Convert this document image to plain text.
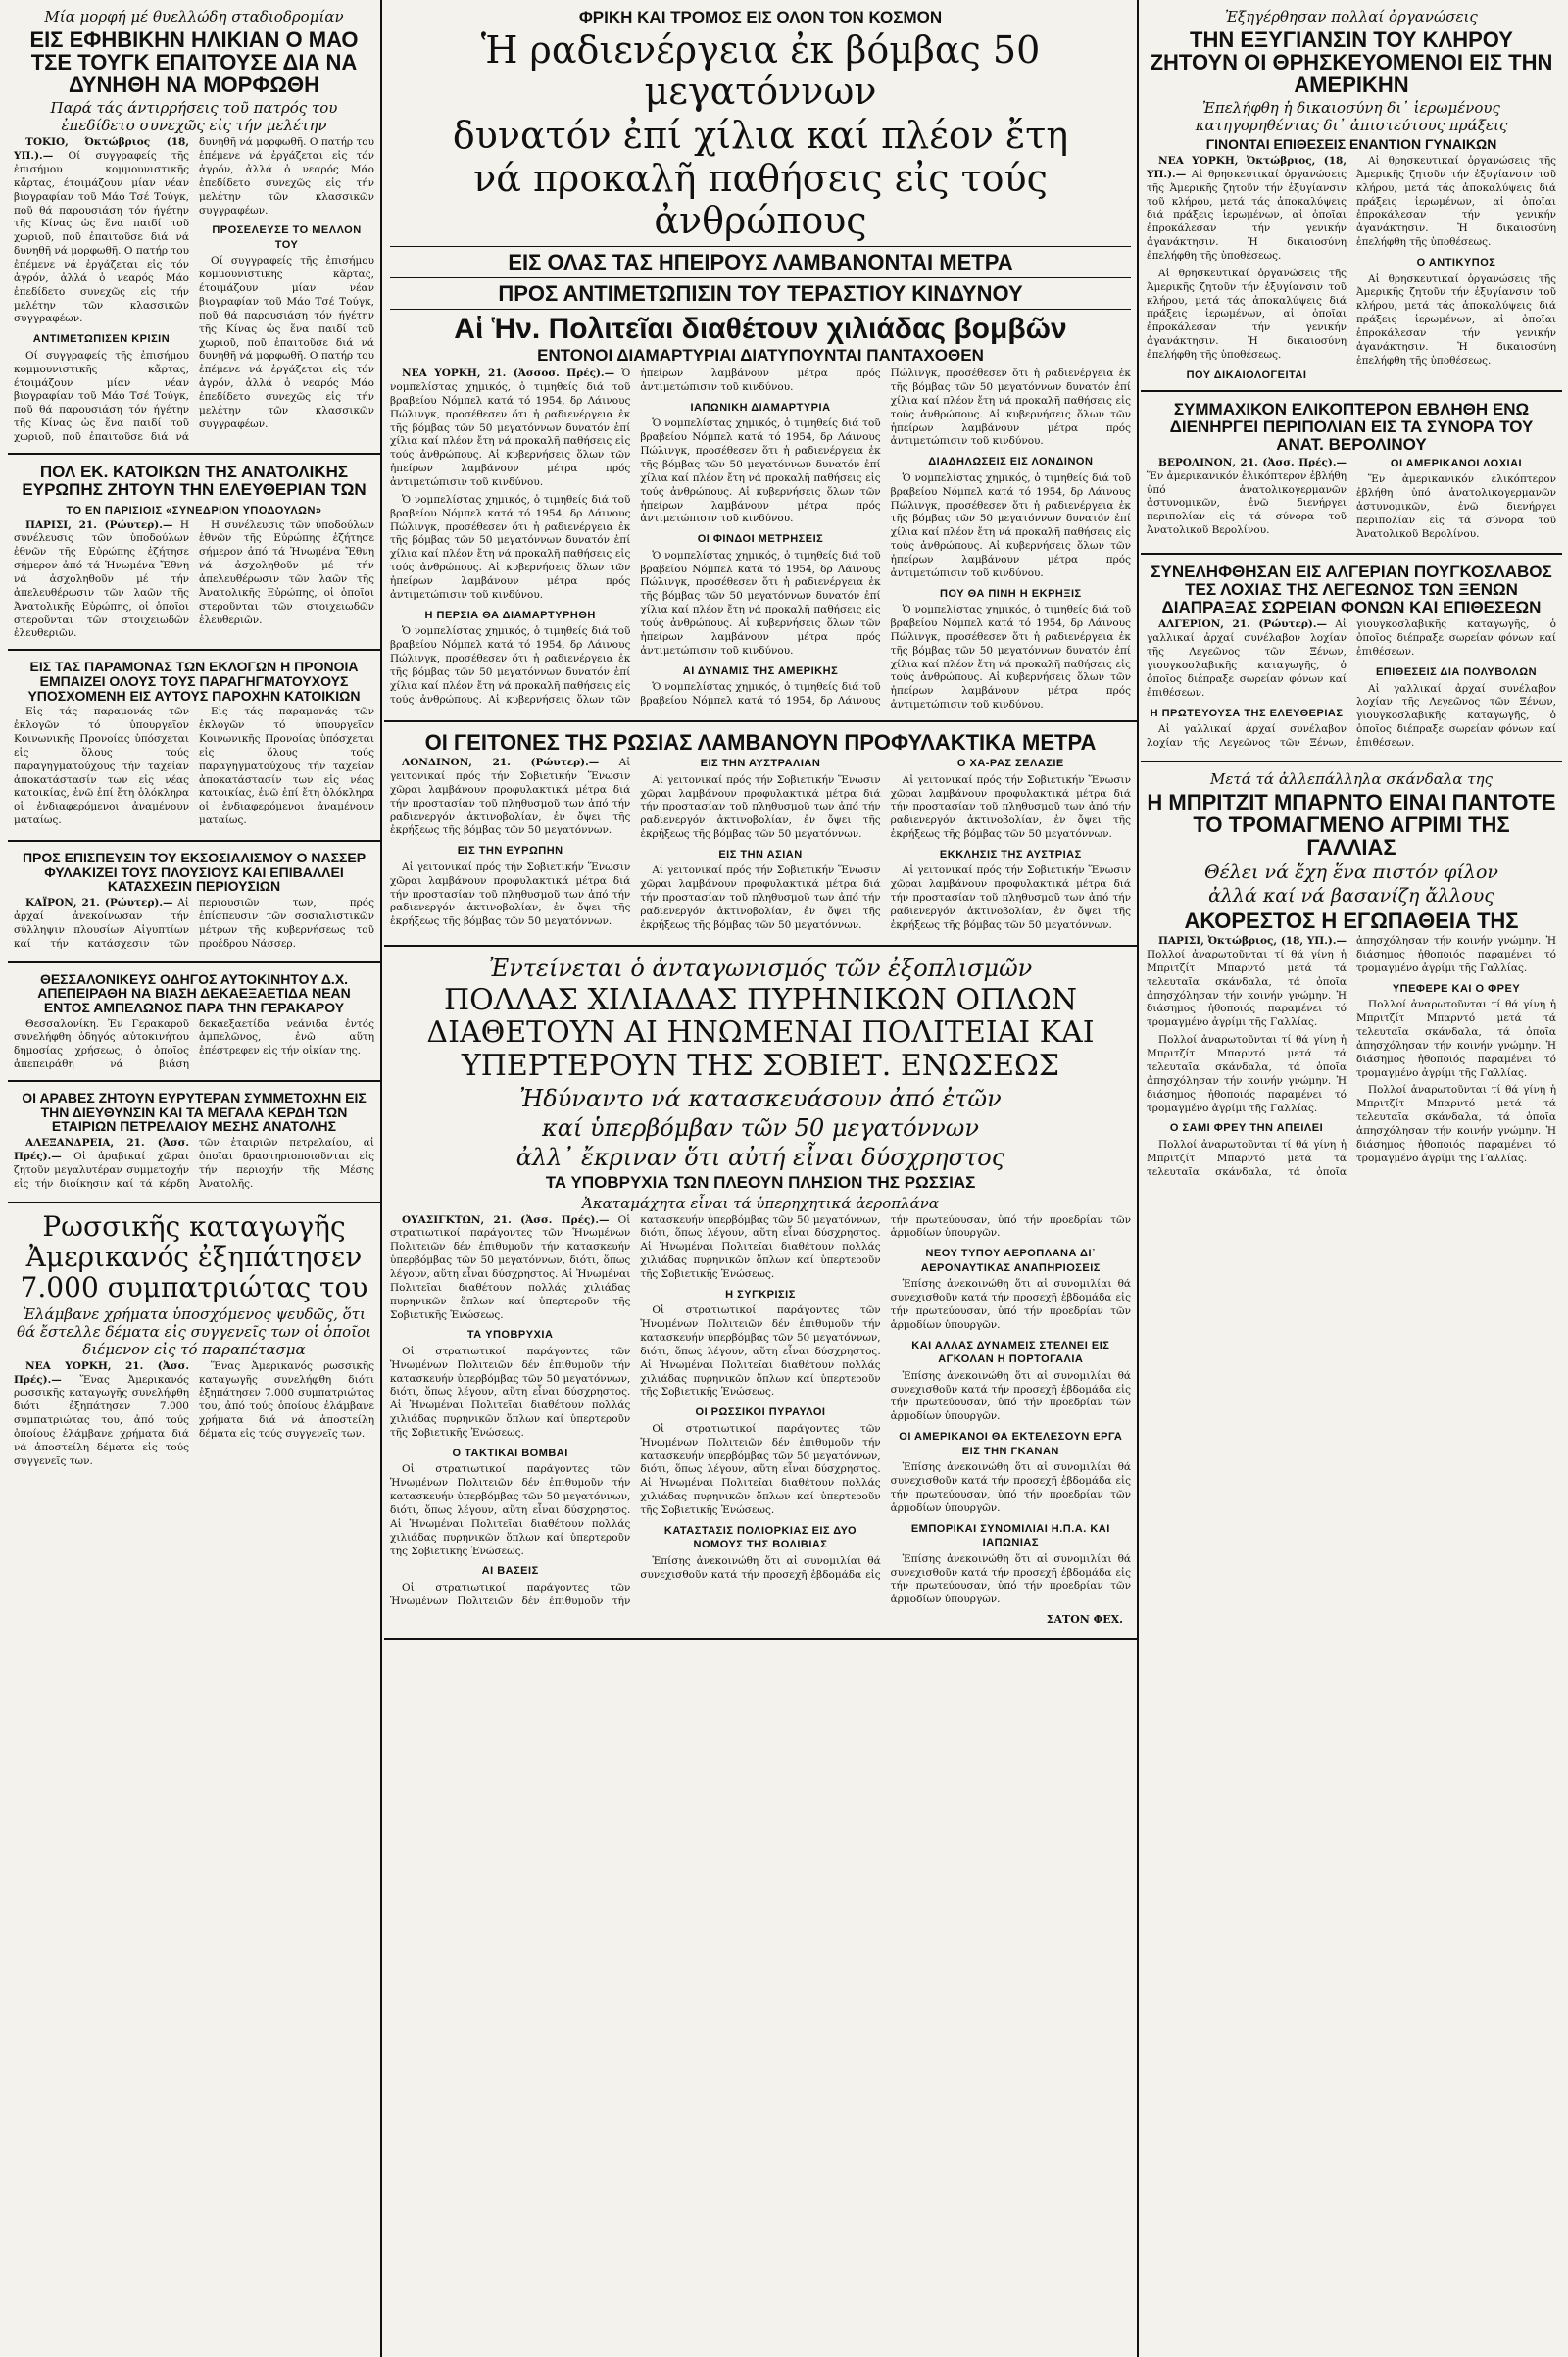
Μία μορφή μέ θυελλώδη σταδιοδρομίαν
ΕΙΣ ΕΦΗΒΙΚΗΝ ΗΛΙΚΙΑΝ Ο ΜΑΟ ΤΣΕ ΤΟΥΓΚ ΕΠΑΙΤΟΥΣΕ ΔΙΑ ΝΑ ΔΥΝΗΘΗ ΝΑ ΜΟΡΦΩΘΗ
Παρά τάς άντιρρήσεις τοῦ πατρός του ἐπεδίδετο συνεχῶς εἰς τήν μελέτην

ΤΟΚΙΟ, Όκτώβριος (18, ΥΠ.).— Οί συγγραφείς τῆς ἐπισήμου κομμουνιστικῆς κἄρτας, έτοιμάζουν μίαν νέαν βιογραφίαν τοῦ Μάο Τσέ Τούγκ, ποῦ θά παρουσιάση τόν ήγέτην τῆς Κίνας ὡς ἕνα παιδί τοῦ χωριοῦ, ποῦ ἐπαιτοῦσε διά νά δυνηθῆ νά μορφωθῆ. Ο πατήρ του ἐπέμενε νά ἐργάζεται εἰς τόν ἀγρόν, ἀλλά ὁ νεαρός Μάο ἐπεδίδετο συνεχῶς εἰς τήν μελέτην τῶν κλασσικῶν συγγραφέων.

ΑΝΤΙΜΕΤΩΠΙΣΕΝ ΚΡΙΣΙΝ

Οί συγγραφείς τῆς ἐπισήμου κομμουνιστικῆς κἄρτας, έτοιμάζουν μίαν νέαν βιογραφίαν τοῦ Μάο Τσέ Τούγκ, ποῦ θά παρουσιάση τόν ήγέτην τῆς Κίνας ὡς ἕνα παιδί τοῦ χωριοῦ, ποῦ ἐπαιτοῦσε διά νά δυνηθῆ νά μορφωθῆ. Ο πατήρ του ἐπέμενε νά ἐργάζεται εἰς τόν ἀγρόν, ἀλλά ὁ νεαρός Μάο ἐπεδίδετο συνεχῶς εἰς τήν μελέτην τῶν κλασσικῶν συγγραφέων.

ΠΡΟΣΕΛΕΥΣΕ ΤΟ ΜΕΛΛΟΝ ΤΟΥ

Οί συγγραφείς τῆς ἐπισήμου κομμουνιστικῆς κἄρτας, έτοιμάζουν μίαν νέαν βιογραφίαν τοῦ Μάο Τσέ Τούγκ, ποῦ θά παρουσιάση τόν ήγέτην τῆς Κίνας ὡς ἕνα παιδί τοῦ χωριοῦ, ποῦ ἐπαιτοῦσε διά νά δυνηθῆ νά μορφωθῆ. Ο πατήρ του ἐπέμενε νά ἐργάζεται εἰς τόν ἀγρόν, ἀλλά ὁ νεαρός Μάο ἐπεδίδετο συνεχῶς εἰς τήν μελέτην τῶν κλασσικῶν συγγραφέων.

ΠΟΛ ΕΚ. ΚΑΤΟΙΚΩΝ ΤΗΣ ΑΝΑΤΟΛΙΚΗΣ ΕΥΡΩΠΗΣ ΖΗΤΟΥΝ ΤΗΝ ΕΛΕΥΘΕΡΙΑΝ ΤΩΝ
ΤΟ ΕΝ ΠΑΡΙΣΙΟΙΣ «ΣΥΝΕΔΡΙΟΝ ΥΠΟΔΟΥΛΩΝ»

ΠΑΡΙΣΙ, 21. (Ρώυτερ).— Η συνέλευσις τῶν ὑποδούλων ἐθνῶν τῆς Εὐρώπης ἐζήτησε σήμερον ἀπό τά Ἡνωμένα Ἔθνη νά ἀσχοληθοῦν μέ τήν ἀπελευθέρωσιν τῶν λαῶν τῆς Ἀνατολικῆς Εὐρώπης, οἱ ὁποῖοι στεροῦνται τῶν στοιχειωδῶν ἐλευθεριῶν.

Η συνέλευσις τῶν ὑποδούλων ἐθνῶν τῆς Εὐρώπης ἐζήτησε σήμερον ἀπό τά Ἡνωμένα Ἔθνη νά ἀσχοληθοῦν μέ τήν ἀπελευθέρωσιν τῶν λαῶν τῆς Ἀνατολικῆς Εὐρώπης, οἱ ὁποῖοι στεροῦνται τῶν στοιχειωδῶν ἐλευθεριῶν.

ΕΙΣ ΤΑΣ ΠΑΡΑΜΟΝΑΣ ΤΩΝ ΕΚΛΟΓΩΝ Η ΠΡΟΝΟΙΑ ΕΜΠΑΙΖΕΙ ΟΛΟΥΣ ΤΟΥΣ ΠΑΡΑΓΗΓΜΑΤΟΥΧΟΥΣ ΥΠΟΣΧΟΜΕΝΗ ΕΙΣ ΑΥΤΟΥΣ ΠΑΡΟΧΗΝ ΚΑΤΟΙΚΙΩΝ

Εἰς τάς παραμονάς τῶν ἐκλογῶν τό ὑπουργεῖον Κοινωνικῆς Προνοίας ὑπόσχεται εἰς ὅλους τούς παραγηγματούχους τήν ταχείαν ἀποκατάστασίν των εἰς νέας κατοικίας, ἐνῶ ἐπί ἔτη ὁλόκληρα οἱ ἐνδιαφερόμενοι ἀναμένουν ματαίως.

Εἰς τάς παραμονάς τῶν ἐκλογῶν τό ὑπουργεῖον Κοινωνικῆς Προνοίας ὑπόσχεται εἰς ὅλους τούς παραγηγματούχους τήν ταχείαν ἀποκατάστασίν των εἰς νέας κατοικίας, ἐνῶ ἐπί ἔτη ὁλόκληρα οἱ ἐνδιαφερόμενοι ἀναμένουν ματαίως.

ΠΡΟΣ ΕΠΙΣΠΕΥΣΙΝ ΤΟΥ ΕΚΣΟΣΙΑΛΙΣΜΟΥ Ο ΝΑΣΣΕΡ ΦΥΛΑΚΙΖΕΙ ΤΟΥΣ ΠΛΟΥΣΙΟΥΣ ΚΑΙ ΕΠΙΒΑΛΛΕΙ ΚΑΤΑΣΧΕΣΙΝ ΠΕΡΙΟΥΣΙΩΝ

ΚΑΪΡΟΝ, 21. (Ρώυτερ).— Αἱ ἀρχαί ἀνεκοίνωσαν τήν σύλληψιν πλουσίων Αἰγυπτίων καί τήν κατάσχεσιν τῶν περιουσιῶν των, πρός ἐπίσπευσιν τῶν σοσιαλιστικῶν μέτρων τῆς κυβερνήσεως τοῦ προέδρου Νάσσερ.

ΘΕΣΣΑΛΟΝΙΚΕΥΣ ΟΔΗΓΟΣ ΑΥΤΟΚΙΝΗΤΟΥ Δ.Χ. ΑΠΕΠΕΙΡΑΘΗ ΝΑ ΒΙΑΣΗ ΔΕΚΑΕΞΑΕΤΙΔΑ ΝΕΑΝ ΕΝΤΟΣ ΑΜΠΕΛΩΝΟΣ ΠΑΡΑ ΤΗΝ ΓΕΡΑΚΑΡΟΥ

Θεσσαλονίκη. Ἐν Γερακαροῦ συνελήφθη ὁδηγός αὐτοκινήτου δημοσίας χρήσεως, ὁ ὁποῖος ἀπεπειράθη νά βιάση δεκαεξαετίδα νεάνιδα ἐντός ἀμπελῶνος, ἐνῶ αὕτη ἐπέστρεφεν εἰς τήν οἰκίαν της.

ΟΙ ΑΡΑΒΕΣ ΖΗΤΟΥΝ ΕΥΡΥΤΕΡΑΝ ΣΥΜΜΕΤΟΧΗΝ ΕΙΣ ΤΗΝ ΔΙΕΥΘΥΝΣΙΝ ΚΑΙ ΤΑ ΜΕΓΑΛΑ ΚΕΡΔΗ ΤΩΝ ΕΤΑΙΡΙΩΝ ΠΕΤΡΕΛΑΙΟΥ ΜΕΣΗΣ ΑΝΑΤΟΛΗΣ

ΑΛΕΞΑΝΔΡΕΙΑ, 21. (Ἀσσ. Πρές).— Οἱ ἀραβικαί χῶραι ζητοῦν μεγαλυτέραν συμμετοχήν εἰς τήν διοίκησιν καί τά κέρδη τῶν ἐταιριῶν πετρελαίου, αἱ ὁποῖαι δραστηριοποιοῦνται εἰς τήν περιοχήν τῆς Μέσης Ἀνατολῆς.

Ρωσσικῆς καταγωγῆς Ἀμερικανός ἐξηπάτησεν 7.000 συμπατριώτας του
Ἐλάμβανε χρήματα ὑποσχόμενος ψευδῶς, ὅτι θά ἔστελλε δέματα εἰς συγγενεῖς των οἱ ὁποῖοι διέμενον εἰς τό παραπέτασμα

ΝΕΑ ΥΟΡΚΗ, 21. (Ἀσσ. Πρές).— Ἕνας Ἀμερικανός ρωσσικῆς καταγωγῆς συνελήφθη διότι ἐξηπάτησεν 7.000 συμπατριώτας του, ἀπό τούς ὁποίους ἐλάμβανε χρήματα διά νά ἀποστείλη δέματα εἰς τούς συγγενεῖς των.

Ἕνας Ἀμερικανός ρωσσικῆς καταγωγῆς συνελήφθη διότι ἐξηπάτησεν 7.000 συμπατριώτας του, ἀπό τούς ὁποίους ἐλάμβανε χρήματα διά νά ἀποστείλη δέματα εἰς τούς συγγενεῖς των.

ΦΡΙΚΗ ΚΑΙ ΤΡΟΜΟΣ ΕΙΣ ΟΛΟΝ ΤΟΝ ΚΟΣΜΟΝ
Ἡ ραδιενέργεια ἐκ βόμβας 50 μεγατόννων
δυνατόν ἐπί χίλια καί πλέον ἔτη
νά προκαλῆ παθήσεις εἰς τούς ἀνθρώπους
ΕΙΣ ΟΛΑΣ ΤΑΣ ΗΠΕΙΡΟΥΣ ΛΑΜΒΑΝΟΝΤΑΙ ΜΕΤΡΑ
ΠΡΟΣ ΑΝΤΙΜΕΤΩΠΙΣΙΝ ΤΟΥ ΤΕΡΑΣΤΙΟΥ ΚΙΝΔΥΝΟΥ
Αἱ Ἡν. Πολιτεῖαι διαθέτουν χιλιάδας βομβῶν
ΕΝΤΟΝΟΙ ΔΙΑΜΑΡΤΥΡΙΑΙ ΔΙΑΤΥΠΟΥΝΤΑΙ ΠΑΝΤΑΧΟΘΕΝ

ΝΕΑ ΥΟΡΚΗ, 21. (Ἀσσοσ. Πρές).— Ὁ νομπελίστας χημικός, ὁ τιμηθείς διά τοῦ βραβείου Νόμπελ κατά τό 1954, δρ Λάινους Πώλινγκ, προσέθεσεν ὅτι ἡ ραδιενέργεια ἐκ τῆς βόμβας τῶν 50 μεγατόννων δυνατόν ἐπί χίλια καί πλέον ἔτη νά προκαλῆ παθήσεις εἰς τούς ἀνθρώπους. Αἱ κυβερνήσεις ὅλων τῶν ἠπείρων λαμβάνουν μέτρα πρός ἀντιμετώπισιν τοῦ κινδύνου.

Ὁ νομπελίστας χημικός, ὁ τιμηθείς διά τοῦ βραβείου Νόμπελ κατά τό 1954, δρ Λάινους Πώλινγκ, προσέθεσεν ὅτι ἡ ραδιενέργεια ἐκ τῆς βόμβας τῶν 50 μεγατόννων δυνατόν ἐπί χίλια καί πλέον ἔτη νά προκαλῆ παθήσεις εἰς τούς ἀνθρώπους. Αἱ κυβερνήσεις ὅλων τῶν ἠπείρων λαμβάνουν μέτρα πρός ἀντιμετώπισιν τοῦ κινδύνου.

Η ΠΕΡΣΙΑ ΘΑ ΔΙΑΜΑΡΤΥΡΗΘΗ

Ὁ νομπελίστας χημικός, ὁ τιμηθείς διά τοῦ βραβείου Νόμπελ κατά τό 1954, δρ Λάινους Πώλινγκ, προσέθεσεν ὅτι ἡ ραδιενέργεια ἐκ τῆς βόμβας τῶν 50 μεγατόννων δυνατόν ἐπί χίλια καί πλέον ἔτη νά προκαλῆ παθήσεις εἰς τούς ἀνθρώπους. Αἱ κυβερνήσεις ὅλων τῶν ἠπείρων λαμβάνουν μέτρα πρός ἀντιμετώπισιν τοῦ κινδύνου.

ΙΑΠΩΝΙΚΗ ΔΙΑΜΑΡΤΥΡΙΑ

Ὁ νομπελίστας χημικός, ὁ τιμηθείς διά τοῦ βραβείου Νόμπελ κατά τό 1954, δρ Λάινους Πώλινγκ, προσέθεσεν ὅτι ἡ ραδιενέργεια ἐκ τῆς βόμβας τῶν 50 μεγατόννων δυνατόν ἐπί χίλια καί πλέον ἔτη νά προκαλῆ παθήσεις εἰς τούς ἀνθρώπους. Αἱ κυβερνήσεις ὅλων τῶν ἠπείρων λαμβάνουν μέτρα πρός ἀντιμετώπισιν τοῦ κινδύνου.

ΟΙ ΦΙΝΔΟΙ ΜΕΤΡΗΣΕΙΣ

Ὁ νομπελίστας χημικός, ὁ τιμηθείς διά τοῦ βραβείου Νόμπελ κατά τό 1954, δρ Λάινους Πώλινγκ, προσέθεσεν ὅτι ἡ ραδιενέργεια ἐκ τῆς βόμβας τῶν 50 μεγατόννων δυνατόν ἐπί χίλια καί πλέον ἔτη νά προκαλῆ παθήσεις εἰς τούς ἀνθρώπους. Αἱ κυβερνήσεις ὅλων τῶν ἠπείρων λαμβάνουν μέτρα πρός ἀντιμετώπισιν τοῦ κινδύνου.

ΑΙ ΔΥΝΑΜΙΣ ΤΗΣ ΑΜΕΡΙΚΗΣ

Ὁ νομπελίστας χημικός, ὁ τιμηθείς διά τοῦ βραβείου Νόμπελ κατά τό 1954, δρ Λάινους Πώλινγκ, προσέθεσεν ὅτι ἡ ραδιενέργεια ἐκ τῆς βόμβας τῶν 50 μεγατόννων δυνατόν ἐπί χίλια καί πλέον ἔτη νά προκαλῆ παθήσεις εἰς τούς ἀνθρώπους. Αἱ κυβερνήσεις ὅλων τῶν ἠπείρων λαμβάνουν μέτρα πρός ἀντιμετώπισιν τοῦ κινδύνου.

ΔΙΑΔΗΛΩΣΕΙΣ ΕΙΣ ΛΟΝΔΙΝΟΝ

Ὁ νομπελίστας χημικός, ὁ τιμηθείς διά τοῦ βραβείου Νόμπελ κατά τό 1954, δρ Λάινους Πώλινγκ, προσέθεσεν ὅτι ἡ ραδιενέργεια ἐκ τῆς βόμβας τῶν 50 μεγατόννων δυνατόν ἐπί χίλια καί πλέον ἔτη νά προκαλῆ παθήσεις εἰς τούς ἀνθρώπους. Αἱ κυβερνήσεις ὅλων τῶν ἠπείρων λαμβάνουν μέτρα πρός ἀντιμετώπισιν τοῦ κινδύνου.

ΠΟΥ ΘΑ ΠΙΝΗ Η ΕΚΡΗΞΙΣ

Ὁ νομπελίστας χημικός, ὁ τιμηθείς διά τοῦ βραβείου Νόμπελ κατά τό 1954, δρ Λάινους Πώλινγκ, προσέθεσεν ὅτι ἡ ραδιενέργεια ἐκ τῆς βόμβας τῶν 50 μεγατόννων δυνατόν ἐπί χίλια καί πλέον ἔτη νά προκαλῆ παθήσεις εἰς τούς ἀνθρώπους. Αἱ κυβερνήσεις ὅλων τῶν ἠπείρων λαμβάνουν μέτρα πρός ἀντιμετώπισιν τοῦ κινδύνου.

ΟΙ ΓΕΙΤΟΝΕΣ ΤΗΣ ΡΩΣΙΑΣ ΛΑΜΒΑΝΟΥΝ ΠΡΟΦΥΛΑΚΤΙΚΑ ΜΕΤΡΑ

ΛΟΝΔΙΝΟΝ, 21. (Ρώυτερ).— Αἱ γειτονικαί πρός τήν Σοβιετικήν Ἕνωσιν χῶραι λαμβάνουν προφυλακτικά μέτρα διά τήν προστασίαν τοῦ πληθυσμοῦ των ἀπό τήν ραδιενεργόν ἀκτινοβολίαν, ἐν ὄψει τῆς ἐκρήξεως τῆς βόμβας τῶν 50 μεγατόννων.

ΕΙΣ ΤΗΝ ΕΥΡΩΠΗΝ

Αἱ γειτονικαί πρός τήν Σοβιετικήν Ἕνωσιν χῶραι λαμβάνουν προφυλακτικά μέτρα διά τήν προστασίαν τοῦ πληθυσμοῦ των ἀπό τήν ραδιενεργόν ἀκτινοβολίαν, ἐν ὄψει τῆς ἐκρήξεως τῆς βόμβας τῶν 50 μεγατόννων.

ΕΙΣ ΤΗΝ ΑΥΣΤΡΑΛΙΑΝ

Αἱ γειτονικαί πρός τήν Σοβιετικήν Ἕνωσιν χῶραι λαμβάνουν προφυλακτικά μέτρα διά τήν προστασίαν τοῦ πληθυσμοῦ των ἀπό τήν ραδιενεργόν ἀκτινοβολίαν, ἐν ὄψει τῆς ἐκρήξεως τῆς βόμβας τῶν 50 μεγατόννων.

ΕΙΣ ΤΗΝ ΑΣΙΑΝ

Αἱ γειτονικαί πρός τήν Σοβιετικήν Ἕνωσιν χῶραι λαμβάνουν προφυλακτικά μέτρα διά τήν προστασίαν τοῦ πληθυσμοῦ των ἀπό τήν ραδιενεργόν ἀκτινοβολίαν, ἐν ὄψει τῆς ἐκρήξεως τῆς βόμβας τῶν 50 μεγατόννων.

Ο ΧΑ-ΡΑΣ ΣΕΛΑΣΙΕ

Αἱ γειτονικαί πρός τήν Σοβιετικήν Ἕνωσιν χῶραι λαμβάνουν προφυλακτικά μέτρα διά τήν προστασίαν τοῦ πληθυσμοῦ των ἀπό τήν ραδιενεργόν ἀκτινοβολίαν, ἐν ὄψει τῆς ἐκρήξεως τῆς βόμβας τῶν 50 μεγατόννων.

ΕΚΚΛΗΣΙΣ ΤΗΣ ΑΥΣΤΡΙΑΣ

Αἱ γειτονικαί πρός τήν Σοβιετικήν Ἕνωσιν χῶραι λαμβάνουν προφυλακτικά μέτρα διά τήν προστασίαν τοῦ πληθυσμοῦ των ἀπό τήν ραδιενεργόν ἀκτινοβολίαν, ἐν ὄψει τῆς ἐκρήξεως τῆς βόμβας τῶν 50 μεγατόννων.

Ἐντείνεται ὁ ἀνταγωνισμός τῶν ἐξοπλισμῶν
ΠΟΛΛΑΣ ΧΙΛΙΑΔΑΣ ΠΥΡΗΝΙΚΩΝ ΟΠΛΩΝ ΔΙΑΘΕΤΟΥΝ ΑΙ ΗΝΩΜΕΝΑΙ ΠΟΛΙΤΕΙΑΙ ΚΑΙ ΥΠΕΡΤΕΡΟΥΝ ΤΗΣ ΣΟΒΙΕΤ. ΕΝΩΣΕΩΣ
Ἠδύναντο νά κατασκευάσουν ἀπό ἐτῶν
καί ὑπερβόμβαν τῶν 50 μεγατόννων
ἀλλ᾽ ἔκριναν ὅτι αὐτή εἶναι δύσχρηστος
ΤΑ ΥΠΟΒΡΥΧΙΑ ΤΩΝ ΠΛΕΟΥΝ ΠΛΗΣΙΟΝ ΤΗΣ ΡΩΣΣΙΑΣ
Ἀκαταμάχητα εἶναι τά ὑπερηχητικά ἀεροπλάνα

ΟΥΑΣΙΓΚΤΩΝ, 21. (Ἀσσ. Πρές).— Οἱ στρατιωτικοί παράγοντες τῶν Ἡνωμένων Πολιτειῶν δέν ἐπιθυμοῦν τήν κατασκευήν ὑπερβόμβας τῶν 50 μεγατόννων, διότι, ὅπως λέγουν, αὕτη εἶναι δύσχρηστος. Αἱ Ἡνωμέναι Πολιτεῖαι διαθέτουν πολλάς χιλιάδας πυρηνικῶν ὅπλων καί ὑπερτεροῦν τῆς Σοβιετικῆς Ἑνώσεως.

ΤΑ ΥΠΟΒΡΥΧΙΑ

Οἱ στρατιωτικοί παράγοντες τῶν Ἡνωμένων Πολιτειῶν δέν ἐπιθυμοῦν τήν κατασκευήν ὑπερβόμβας τῶν 50 μεγατόννων, διότι, ὅπως λέγουν, αὕτη εἶναι δύσχρηστος. Αἱ Ἡνωμέναι Πολιτεῖαι διαθέτουν πολλάς χιλιάδας πυρηνικῶν ὅπλων καί ὑπερτεροῦν τῆς Σοβιετικῆς Ἑνώσεως.

Ο ΤΑΚΤΙΚΑΙ ΒΟΜΒΑΙ

Οἱ στρατιωτικοί παράγοντες τῶν Ἡνωμένων Πολιτειῶν δέν ἐπιθυμοῦν τήν κατασκευήν ὑπερβόμβας τῶν 50 μεγατόννων, διότι, ὅπως λέγουν, αὕτη εἶναι δύσχρηστος. Αἱ Ἡνωμέναι Πολιτεῖαι διαθέτουν πολλάς χιλιάδας πυρηνικῶν ὅπλων καί ὑπερτεροῦν τῆς Σοβιετικῆς Ἑνώσεως.

ΑΙ ΒΑΣΕΙΣ

Οἱ στρατιωτικοί παράγοντες τῶν Ἡνωμένων Πολιτειῶν δέν ἐπιθυμοῦν τήν κατασκευήν ὑπερβόμβας τῶν 50 μεγατόννων, διότι, ὅπως λέγουν, αὕτη εἶναι δύσχρηστος. Αἱ Ἡνωμέναι Πολιτεῖαι διαθέτουν πολλάς χιλιάδας πυρηνικῶν ὅπλων καί ὑπερτεροῦν τῆς Σοβιετικῆς Ἑνώσεως.

Η ΣΥΓΚΡΙΣΙΣ

Οἱ στρατιωτικοί παράγοντες τῶν Ἡνωμένων Πολιτειῶν δέν ἐπιθυμοῦν τήν κατασκευήν ὑπερβόμβας τῶν 50 μεγατόννων, διότι, ὅπως λέγουν, αὕτη εἶναι δύσχρηστος. Αἱ Ἡνωμέναι Πολιτεῖαι διαθέτουν πολλάς χιλιάδας πυρηνικῶν ὅπλων καί ὑπερτεροῦν τῆς Σοβιετικῆς Ἑνώσεως.

ΟΙ ΡΩΣΣΙΚΟΙ ΠΥΡΑΥΛΟΙ

Οἱ στρατιωτικοί παράγοντες τῶν Ἡνωμένων Πολιτειῶν δέν ἐπιθυμοῦν τήν κατασκευήν ὑπερβόμβας τῶν 50 μεγατόννων, διότι, ὅπως λέγουν, αὕτη εἶναι δύσχρηστος. Αἱ Ἡνωμέναι Πολιτεῖαι διαθέτουν πολλάς χιλιάδας πυρηνικῶν ὅπλων καί ὑπερτεροῦν τῆς Σοβιετικῆς Ἑνώσεως.

ΚΑΤΑΣΤΑΣΙΣ ΠΟΛΙΟΡΚΙΑΣ ΕΙΣ ΔΥΟ ΝΟΜΟΥΣ ΤΗΣ ΒΟΛΙΒΙΑΣ

Ἐπίσης ἀνεκοινώθη ὅτι αἱ συνομιλίαι θά συνεχισθοῦν κατά τήν προσεχῆ ἑβδομάδα εἰς τήν πρωτεύουσαν, ὑπό τήν προεδρίαν τῶν ἁρμοδίων ὑπουργῶν.

ΝΕΟΥ ΤΥΠΟΥ ΑΕΡΟΠΛΑΝΑ ΔΙ᾽ ΑΕΡΟΝΑΥΤΙΚΑΣ ΑΝΑΠΗΡΙΟΣΕΙΣ

Ἐπίσης ἀνεκοινώθη ὅτι αἱ συνομιλίαι θά συνεχισθοῦν κατά τήν προσεχῆ ἑβδομάδα εἰς τήν πρωτεύουσαν, ὑπό τήν προεδρίαν τῶν ἁρμοδίων ὑπουργῶν.

ΚΑΙ ΑΛΛΑΣ ΔΥΝΑΜΕΙΣ ΣΤΕΛΝΕΙ ΕΙΣ ΑΓΚΟΛΑΝ Η ΠΟΡΤΟΓΑΛΙΑ

Ἐπίσης ἀνεκοινώθη ὅτι αἱ συνομιλίαι θά συνεχισθοῦν κατά τήν προσεχῆ ἑβδομάδα εἰς τήν πρωτεύουσαν, ὑπό τήν προεδρίαν τῶν ἁρμοδίων ὑπουργῶν.

ΟΙ ΑΜΕΡΙΚΑΝΟΙ ΘΑ ΕΚΤΕΛΕΣΟΥΝ ΕΡΓΑ ΕΙΣ ΤΗΝ ΓΚΑΝΑΝ

Ἐπίσης ἀνεκοινώθη ὅτι αἱ συνομιλίαι θά συνεχισθοῦν κατά τήν προσεχῆ ἑβδομάδα εἰς τήν πρωτεύουσαν, ὑπό τήν προεδρίαν τῶν ἁρμοδίων ὑπουργῶν.

ΕΜΠΟΡΙΚΑΙ ΣΥΝΟΜΙΛΙΑΙ Η.Π.Α. ΚΑΙ ΙΑΠΩΝΙΑΣ

Ἐπίσης ἀνεκοινώθη ὅτι αἱ συνομιλίαι θά συνεχισθοῦν κατά τήν προσεχῆ ἑβδομάδα εἰς τήν πρωτεύουσαν, ὑπό τήν προεδρίαν τῶν ἁρμοδίων ὑπουργῶν.

ΣΑΤΟΝ ΦΕΧ.
Ἐξηγέρθησαν πολλαί ὀργανώσεις
ΤΗΝ ΕΞΥΓΙΑΝΣΙΝ ΤΟΥ ΚΛΗΡΟΥ ΖΗΤΟΥΝ ΟΙ ΘΡΗΣΚΕΥΟΜΕΝΟΙ ΕΙΣ ΤΗΝ ΑΜΕΡΙΚΗΝ
Ἐπελήφθη ἡ δικαιοσύνη δι᾽ ἱερωμένους κατηγορηθέντας δι᾽ ἀπιστεύτους πράξεις
ΓΙΝΟΝΤΑΙ ΕΠΙΘΕΣΕΙΣ ΕΝΑΝΤΙΟΝ ΓΥΝΑΙΚΩΝ

ΝΕΑ ΥΟΡΚΗ, Ὀκτώβριος, (18, ΥΠ.).— Αἱ θρησκευτικαί ὀργανώσεις τῆς Ἀμερικῆς ζητοῦν τήν ἐξυγίανσιν τοῦ κλήρου, μετά τάς ἀποκαλύψεις διά πράξεις ἱερωμένων, αἱ ὁποῖαι ἐπροκάλεσαν τήν γενικήν ἀγανάκτησιν. Ἡ δικαιοσύνη ἐπελήφθη τῆς ὑποθέσεως.

Αἱ θρησκευτικαί ὀργανώσεις τῆς Ἀμερικῆς ζητοῦν τήν ἐξυγίανσιν τοῦ κλήρου, μετά τάς ἀποκαλύψεις διά πράξεις ἱερωμένων, αἱ ὁποῖαι ἐπροκάλεσαν τήν γενικήν ἀγανάκτησιν. Ἡ δικαιοσύνη ἐπελήφθη τῆς ὑποθέσεως.

ΠΟΥ ΔΙΚΑΙΟΛΟΓΕΙΤΑΙ

Αἱ θρησκευτικαί ὀργανώσεις τῆς Ἀμερικῆς ζητοῦν τήν ἐξυγίανσιν τοῦ κλήρου, μετά τάς ἀποκαλύψεις διά πράξεις ἱερωμένων, αἱ ὁποῖαι ἐπροκάλεσαν τήν γενικήν ἀγανάκτησιν. Ἡ δικαιοσύνη ἐπελήφθη τῆς ὑποθέσεως.

Ο ΑΝΤΙΚΥΠΟΣ

Αἱ θρησκευτικαί ὀργανώσεις τῆς Ἀμερικῆς ζητοῦν τήν ἐξυγίανσιν τοῦ κλήρου, μετά τάς ἀποκαλύψεις διά πράξεις ἱερωμένων, αἱ ὁποῖαι ἐπροκάλεσαν τήν γενικήν ἀγανάκτησιν. Ἡ δικαιοσύνη ἐπελήφθη τῆς ὑποθέσεως.

ΣΥΜΜΑΧΙΚΟΝ ΕΛΙΚΟΠΤΕΡΟΝ ΕΒΛΗΘΗ ΕΝΩ ΔΙΕΝΗΡΓΕΙ ΠΕΡΙΠΟΛΙΑΝ ΕΙΣ ΤΑ ΣΥΝΟΡΑ ΤΟΥ ΑΝΑΤ. ΒΕΡΟΛΙΝΟΥ

ΒΕΡΟΛΙΝΟΝ, 21. (Ἀσσ. Πρές).— Ἕν ἀμερικανικόν ἐλικόπτερον ἐβλήθη ὑπό ἀνατολικογερμανῶν ἀστυνομικῶν, ἐνῶ διενήργει περιπολίαν εἰς τά σύνορα τοῦ Ἀνατολικοῦ Βερολίνου.

ΟΙ ΑΜΕΡΙΚΑΝΟΙ ΛΟΧΙΑΙ

Ἕν ἀμερικανικόν ἐλικόπτερον ἐβλήθη ὑπό ἀνατολικογερμανῶν ἀστυνομικῶν, ἐνῶ διενήργει περιπολίαν εἰς τά σύνορα τοῦ Ἀνατολικοῦ Βερολίνου.

ΣΥΝΕΛΗΦΘΗΣΑΝ ΕΙΣ ΑΛΓΕΡΙΑΝ ΠΟΥΓΚΟΣΛΑΒΟΣ ΤΕΣ ΛΟΧΙΑΣ ΤΗΣ ΛΕΓΕΩΝΟΣ ΤΩΝ ΞΕΝΩΝ ΔΙΑΠΡΑΞΑΣ ΣΩΡΕΙΑΝ ΦΟΝΩΝ ΚΑΙ ΕΠΙΘΕΣΕΩΝ

ΑΛΓΕΡΙΟΝ, 21. (Ρώυτερ).— Αἱ γαλλικαί ἀρχαί συνέλαβον λοχίαν τῆς Λεγεῶνος τῶν Ξένων, γιουγκοσλαβικῆς καταγωγῆς, ὁ ὁποῖος διέπραξε σωρείαν φόνων καί ἐπιθέσεων.

Η ΠΡΩΤΕΥΟΥΣΑ ΤΗΣ ΕΛΕΥΘΕΡΙΑΣ

Αἱ γαλλικαί ἀρχαί συνέλαβον λοχίαν τῆς Λεγεῶνος τῶν Ξένων, γιουγκοσλαβικῆς καταγωγῆς, ὁ ὁποῖος διέπραξε σωρείαν φόνων καί ἐπιθέσεων.

ΕΠΙΘΕΣΕΙΣ ΔΙΑ ΠΟΛΥΒΟΛΩΝ

Αἱ γαλλικαί ἀρχαί συνέλαβον λοχίαν τῆς Λεγεῶνος τῶν Ξένων, γιουγκοσλαβικῆς καταγωγῆς, ὁ ὁποῖος διέπραξε σωρείαν φόνων καί ἐπιθέσεων.

Μετά τά ἀλλεπάλληλα σκάνδαλα της
Η ΜΠΡΙΤΖΙΤ ΜΠΑΡΝΤΟ ΕΙΝΑΙ ΠΑΝΤΟΤΕ ΤΟ ΤΡΟΜΑΓΜΕΝΟ ΑΓΡΙΜΙ ΤΗΣ ΓΑΛΛΙΑΣ
Θέλει νά ἔχη ἕνα πιστόν φίλον
ἀλλά καί νά βασανίζη ἄλλους
ΑΚΟΡΕΣΤΟΣ Η ΕΓΩΠΑΘΕΙΑ ΤΗΣ

ΠΑΡΙΣΙ, Ὀκτώβριος, (18, ΥΠ.).— Πολλοί ἀναρωτοῦνται τί θά γίνη ἡ Μπριτζίτ Μπαρντό μετά τά τελευταῖα σκάνδαλα, τά ὁποῖα ἀπησχόλησαν τήν κοινήν γνώμην. Ἡ διάσημος ἠθοποιός παραμένει τό τρομαγμένο ἀγρίμι τῆς Γαλλίας.

Πολλοί ἀναρωτοῦνται τί θά γίνη ἡ Μπριτζίτ Μπαρντό μετά τά τελευταῖα σκάνδαλα, τά ὁποῖα ἀπησχόλησαν τήν κοινήν γνώμην. Ἡ διάσημος ἠθοποιός παραμένει τό τρομαγμένο ἀγρίμι τῆς Γαλλίας.

Ο ΣΑΜΙ ΦΡΕΥ ΤΗΝ ΑΠΕΙΛΕΙ

Πολλοί ἀναρωτοῦνται τί θά γίνη ἡ Μπριτζίτ Μπαρντό μετά τά τελευταῖα σκάνδαλα, τά ὁποῖα ἀπησχόλησαν τήν κοινήν γνώμην. Ἡ διάσημος ἠθοποιός παραμένει τό τρομαγμένο ἀγρίμι τῆς Γαλλίας.

ΥΠΕΦΕΡΕ ΚΑΙ Ο ΦΡΕΥ

Πολλοί ἀναρωτοῦνται τί θά γίνη ἡ Μπριτζίτ Μπαρντό μετά τά τελευταῖα σκάνδαλα, τά ὁποῖα ἀπησχόλησαν τήν κοινήν γνώμην. Ἡ διάσημος ἠθοποιός παραμένει τό τρομαγμένο ἀγρίμι τῆς Γαλλίας.

Πολλοί ἀναρωτοῦνται τί θά γίνη ἡ Μπριτζίτ Μπαρντό μετά τά τελευταῖα σκάνδαλα, τά ὁποῖα ἀπησχόλησαν τήν κοινήν γνώμην. Ἡ διάσημος ἠθοποιός παραμένει τό τρομαγμένο ἀγρίμι τῆς Γαλλίας.
